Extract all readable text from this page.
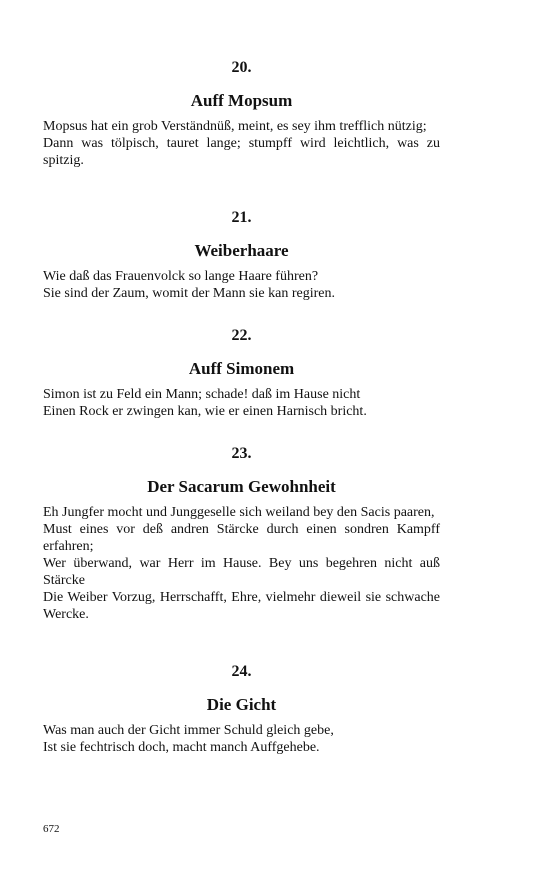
20.

Auff Mopsum

Mopsus hat ein grob Verständnüß, meint, es sey ihm trefflich nützig;

Dann was tölpisch, tauret lange; stumpff wird leichtlich, was zu spitzig.

21.

Weiberhaare

Wie daß das Frauenvolck so lange Haare führen?

Sie sind der Zaum, womit der Mann sie kan regiren.

22.

Auff Simonem

Simon ist zu Feld ein Mann; schade! daß im Hause nicht

Einen Rock er zwingen kan, wie er einen Harnisch bricht.

23.

Der Sacarum Gewohnheit

Eh Jungfer mocht und Junggeselle sich weiland bey den Sacis paaren,

Must eines vor deß andren Stärcke durch einen sondren Kampff erfahren;

Wer überwand, war Herr im Hause. Bey uns begehren nicht auß Stärcke

Die Weiber Vorzug, Herrschafft, Ehre, vielmehr dieweil sie schwache Wercke.

24.

Die Gicht

Was man auch der Gicht immer Schuld gleich gebe,

Ist sie fechtrisch doch, macht manch Auffgehebe.

672
